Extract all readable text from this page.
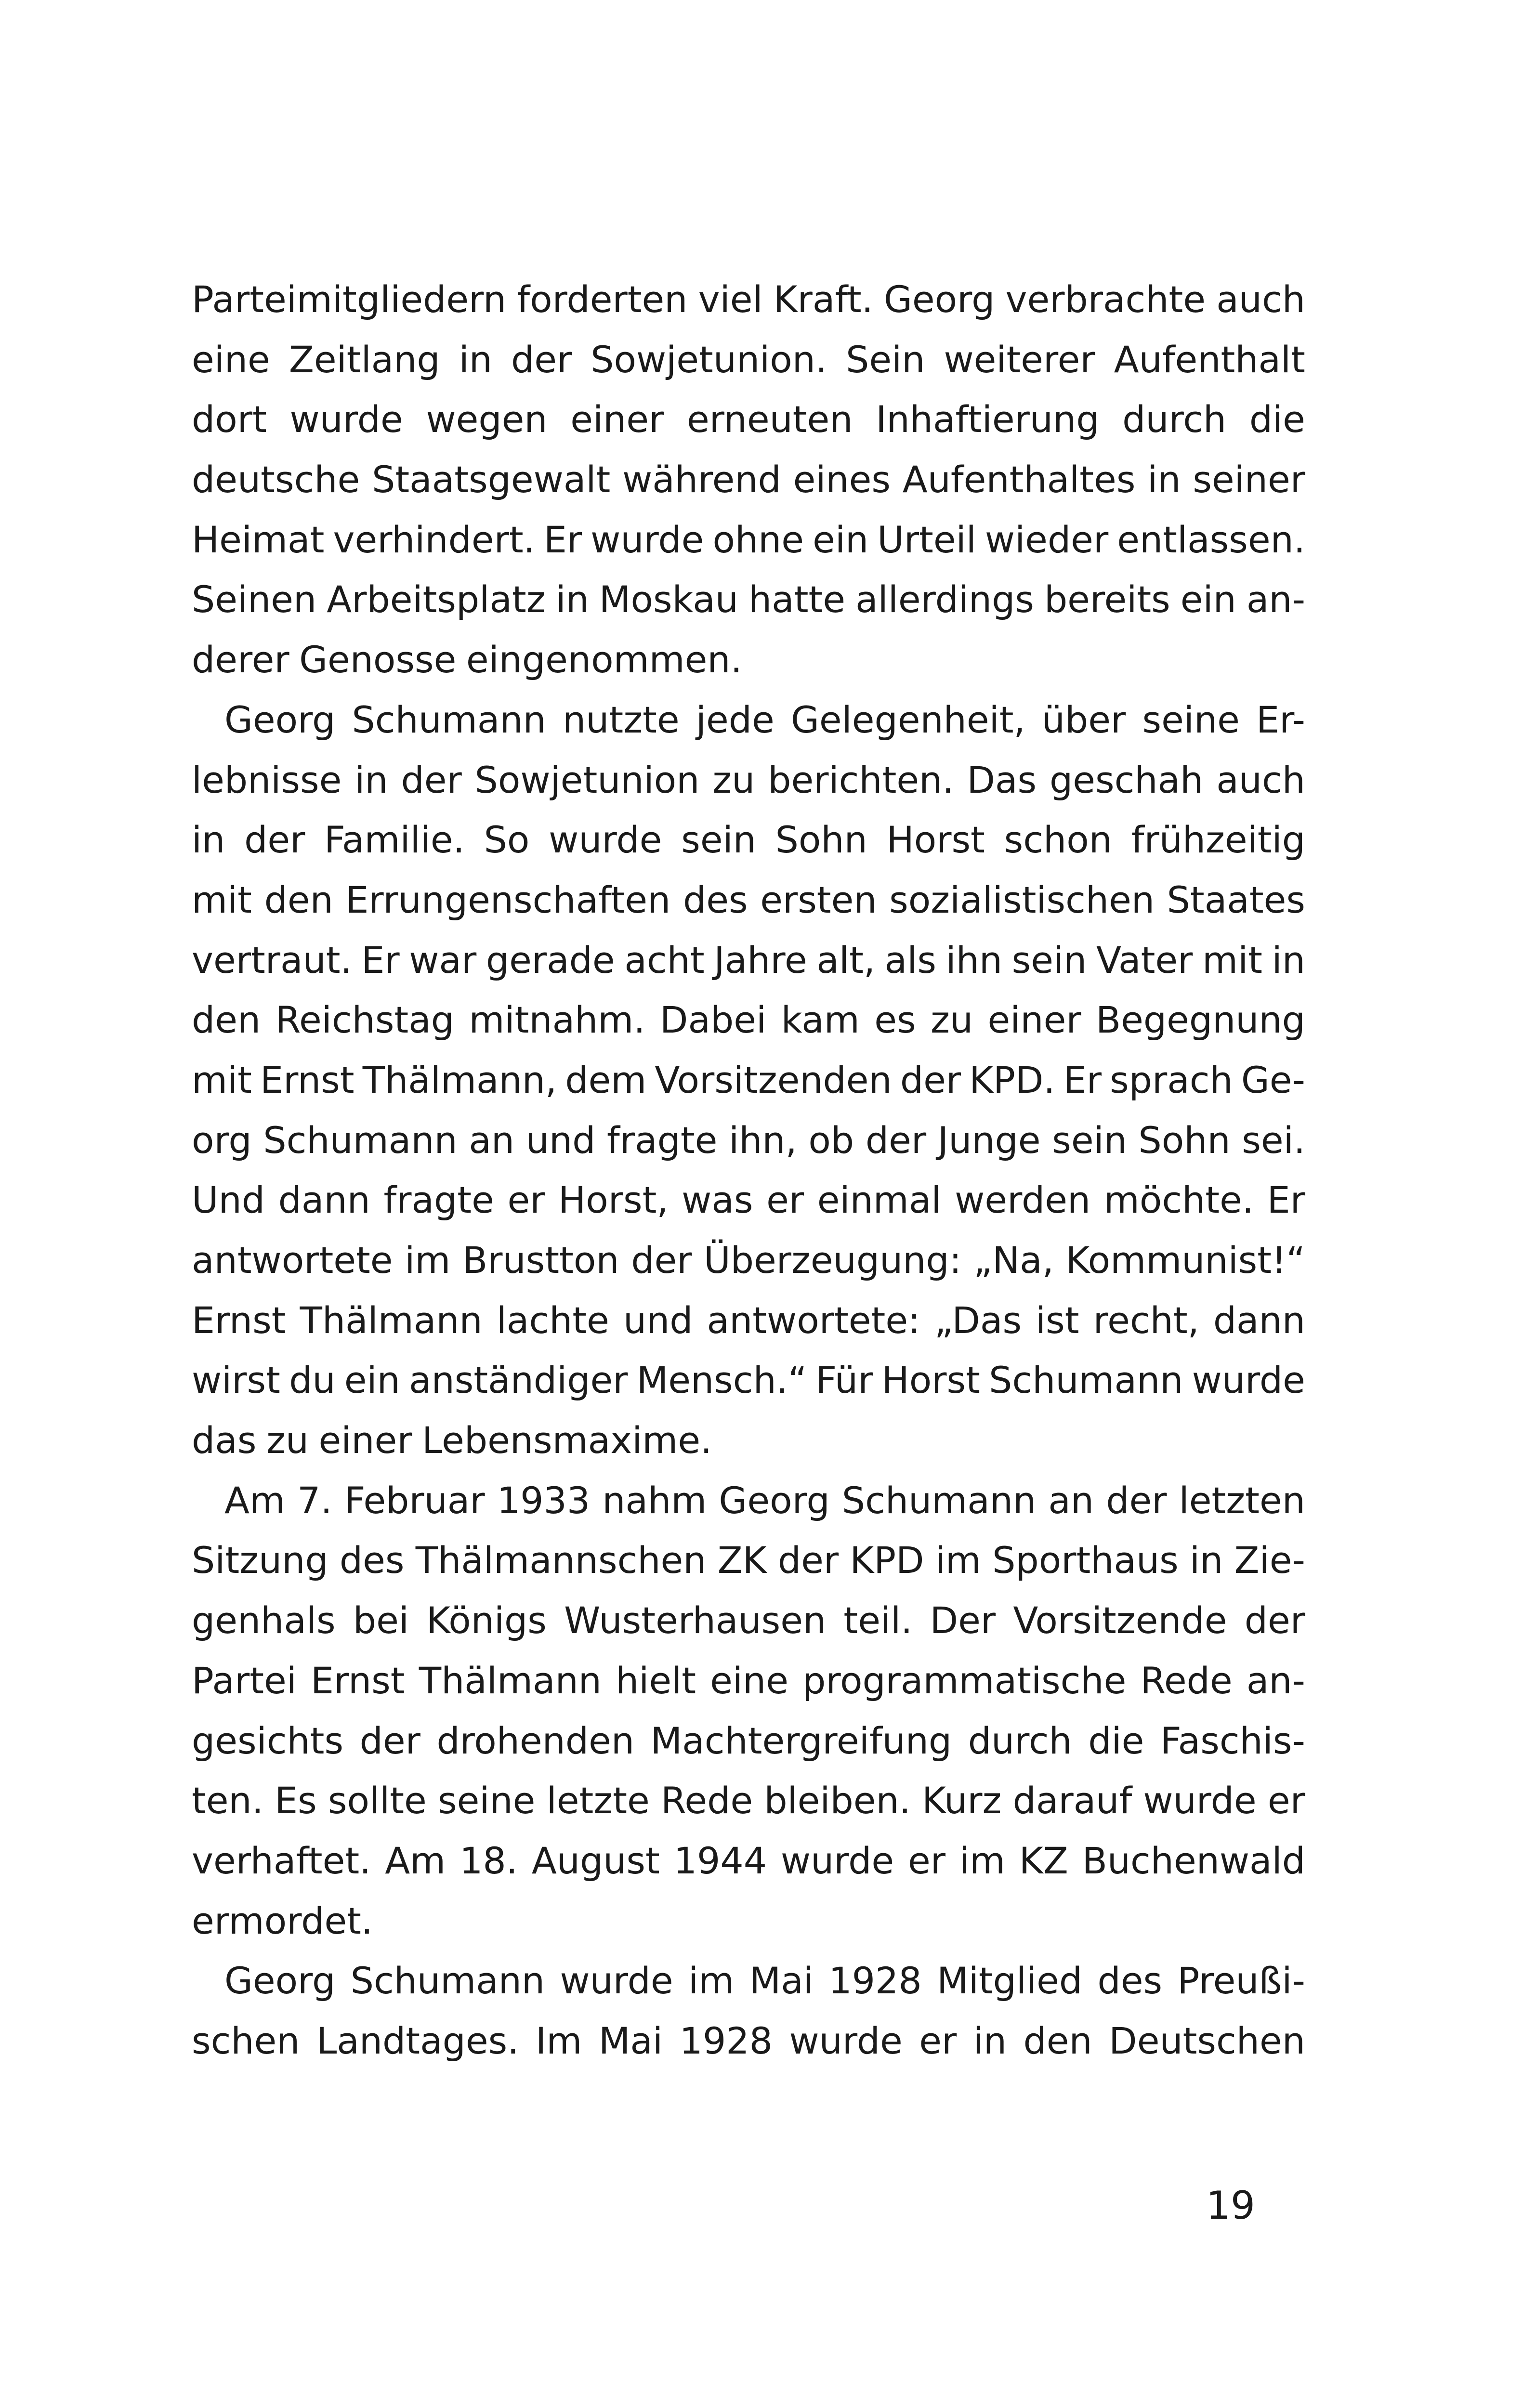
Parteimitgliedern forderten viel Kraft. Georg verbrachte auch
eine Zeitlang in der Sowjetunion. Sein weiterer Aufenthalt
dort wurde wegen einer erneuten Inhaftierung durch die
deutsche Staatsgewalt während eines Aufenthaltes in seiner
Heimat verhindert. Er wurde ohne ein Urteil wieder entlassen.
Seinen Arbeitsplatz in Moskau hatte allerdings bereits ein an-
derer Genosse eingenommen.
Georg Schumann nutzte jede Gelegenheit, über seine Er-
lebnisse in der Sowjetunion zu berichten. Das geschah auch
in der Familie. So wurde sein Sohn Horst schon frühzeitig
mit den Errungenschaften des ersten sozialistischen Staates
vertraut. Er war gerade acht Jahre alt, als ihn sein Vater mit in
den Reichstag mitnahm. Dabei kam es zu einer Begegnung
mit Ernst Thälmann, dem Vorsitzenden der KPD. Er sprach Ge-
org Schumann an und fragte ihn, ob der Junge sein Sohn sei.
Und dann fragte er Horst, was er einmal werden möchte. Er
antwortete im Brustton der Überzeugung: „Na, Kommunist!“
Ernst Thälmann lachte und antwortete: „Das ist recht, dann
wirst du ein anständiger Mensch.“ Für Horst Schumann wurde
das zu einer Lebensmaxime.
Am 7. Februar 1933 nahm Georg Schumann an der letzten
Sitzung des Thälmannschen ZK der KPD im Sporthaus in Zie-
genhals bei Königs Wusterhausen teil. Der Vorsitzende der
Partei Ernst Thälmann hielt eine programmatische Rede an-
gesichts der drohenden Machtergreifung durch die Faschis-
ten. Es sollte seine letzte Rede bleiben. Kurz darauf wurde er
verhaftet. Am 18. August 1944 wurde er im KZ Buchenwald
ermordet.
Georg Schumann wurde im Mai 1928 Mitglied des Preußi-
schen Landtages. Im Mai 1928 wurde er in den Deutschen
19
